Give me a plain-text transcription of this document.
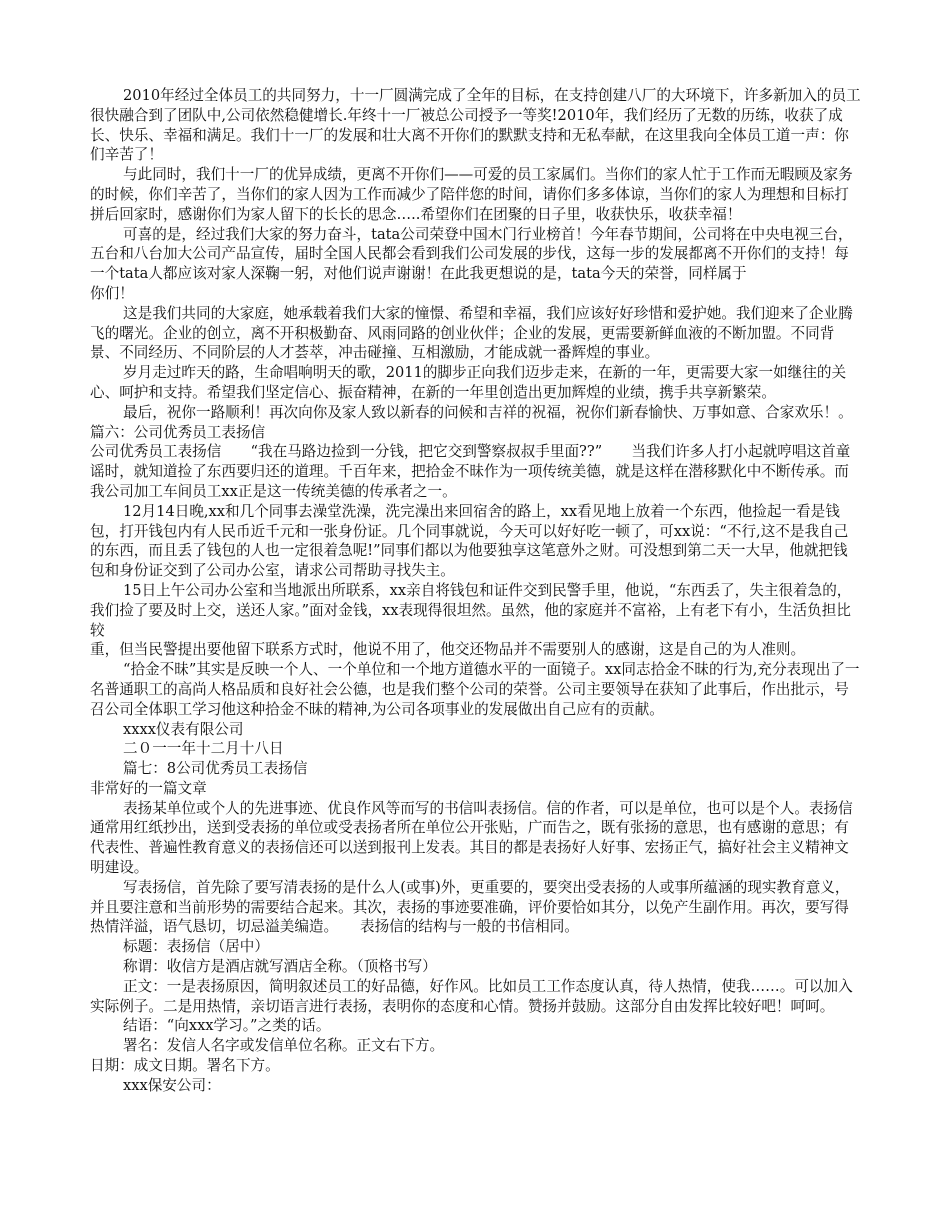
2010年经过全体员工的共同努力，十一厂圆满完成了全年的目标，在支持创建八厂的大环境下，许多新加入的员工很快融合到了团队中,公司依然稳健增长.年终十一厂被总公司授予一等奖!2010年，我们经历了无数的历练，收获了成长、快乐、幸福和满足。我们十一厂的发展和壮大离不开你们的默默支持和无私奉献，在这里我向全体员工道一声：你们辛苦了！

与此同时，我们十一厂的优异成绩，更离不开你们——可爱的员工家属们。当你们的家人忙于工作而无暇顾及家务的时候，你们辛苦了，当你们的家人因为工作而减少了陪伴您的时间，请你们多多体谅，当你们的家人为理想和目标打拼后回家时，感谢你们为家人留下的长长的思念…..希望你们在团聚的日子里，收获快乐，收获幸福！

可喜的是，经过我们大家的努力奋斗，tata公司荣登中国木门行业榜首！今年春节期间，公司将在中央电视三台，五台和八台加大公司产品宣传，届时全国人民都会看到我们公司发展的步伐，这每一步的发展都离不开你们的支持！每一个tata人都应该对家人深鞠一躬，对他们说声谢谢！在此我更想说的是，tata今天的荣誉，同样属于

你们！

这是我们共同的大家庭，她承载着我们大家的憧憬、希望和幸福，我们应该好好珍惜和爱护她。我们迎来了企业腾飞的曙光。企业的创立，离不开积极勤奋、风雨同路的创业伙伴；企业的发展，更需要新鲜血液的不断加盟。不同背景、不同经历、不同阶层的人才荟萃，冲击碰撞、互相激励，才能成就一番辉煌的事业。

岁月走过昨天的路，生命唱响明天的歌，2011的脚步正向我们迈步走来，在新的一年，更需要大家一如继往的关心、呵护和支持。希望我们坚定信心、振奋精神，在新的一年里创造出更加辉煌的业绩，携手共享新繁荣。

最后，祝你一路顺利！再次向你及家人致以新春的问候和吉祥的祝福，祝你们新春愉快、万事如意、合家欢乐！。

篇六：公司优秀员工表扬信

公司优秀员工表扬信　　“我在马路边捡到一分钱，把它交到警察叔叔手里面??”　　当我们许多人打小起就哼唱这首童谣时，就知道捡了东西要归还的道理。千百年来，把拾金不昧作为一项传统美德，就是这样在潜移默化中不断传承。而我公司加工车间员工xx正是这一传统美德的传承者之一。

12月14日晚,xx和几个同事去澡堂洗澡，洗完澡出来回宿舍的路上，xx看见地上放着一个东西，他捡起一看是钱包，打开钱包内有人民币近千元和一张身份证。几个同事就说，今天可以好好吃一顿了，可xx说：“不行,这不是我自己的东西，而且丢了钱包的人也一定很着急呢!”同事们都以为他要独享这笔意外之财。可没想到第二天一大早，他就把钱包和身份证交到了公司办公室，请求公司帮助寻找失主。

15日上午公司办公室和当地派出所联系，xx亲自将钱包和证件交到民警手里，他说，“东西丢了，失主很着急的，我们捡了要及时上交，送还人家。”面对金钱，xx表现得很坦然。虽然，他的家庭并不富裕，上有老下有小，生活负担比较

重，但当民警提出要他留下联系方式时，他说不用了，他交还物品并不需要别人的感谢，这是自己的为人准则。

“拾金不昧”其实是反映一个人、一个单位和一个地方道德水平的一面镜子。xx同志拾金不昧的行为,充分表现出了一名普通职工的高尚人格品质和良好社会公德，也是我们整个公司的荣誉。公司主要领导在获知了此事后，作出批示，号召公司全体职工学习他这种拾金不昧的精神,为公司各项事业的发展做出自己应有的贡献。

xxxx仪表有限公司

二０一一年十二月十八日

篇七：8公司优秀员工表扬信

非常好的一篇文章

表扬某单位或个人的先进事迹、优良作风等而写的书信叫表扬信。信的作者，可以是单位，也可以是个人。表扬信通常用红纸抄出，送到受表扬的单位或受表扬者所在单位公开张贴，广而告之，既有张扬的意思，也有感谢的意思；有代表性、普遍性教育意义的表扬信还可以送到报刊上发表。其目的都是表扬好人好事、宏扬正气，搞好社会主义精神文明建设。

写表扬信，首先除了要写清表扬的是什么人(或事)外，更重要的，要突出受表扬的人或事所蕴涵的现实教育意义，并且要注意和当前形势的需要结合起来。其次，表扬的事迹要准确，评价要恰如其分，以免产生副作用。再次，要写得热情洋溢，语气恳切，切忌溢美编造。　　表扬信的结构与一般的书信相同。

标题：表扬信（居中）

称谓：收信方是酒店就写酒店全称。（顶格书写）

正文：一是表扬原因，简明叙述员工的好品德，好作风。比如员工工作态度认真，待人热情，使我……。可以加入实际例子。二是用热情，亲切语言进行表扬，表明你的态度和心情。赞扬并鼓励。这部分自由发挥比较好吧！呵呵。

结语：“向xxx学习。”之类的话。

署名：发信人名字或发信单位名称。正文右下方。

日期：成文日期。署名下方。

xxx保安公司：
